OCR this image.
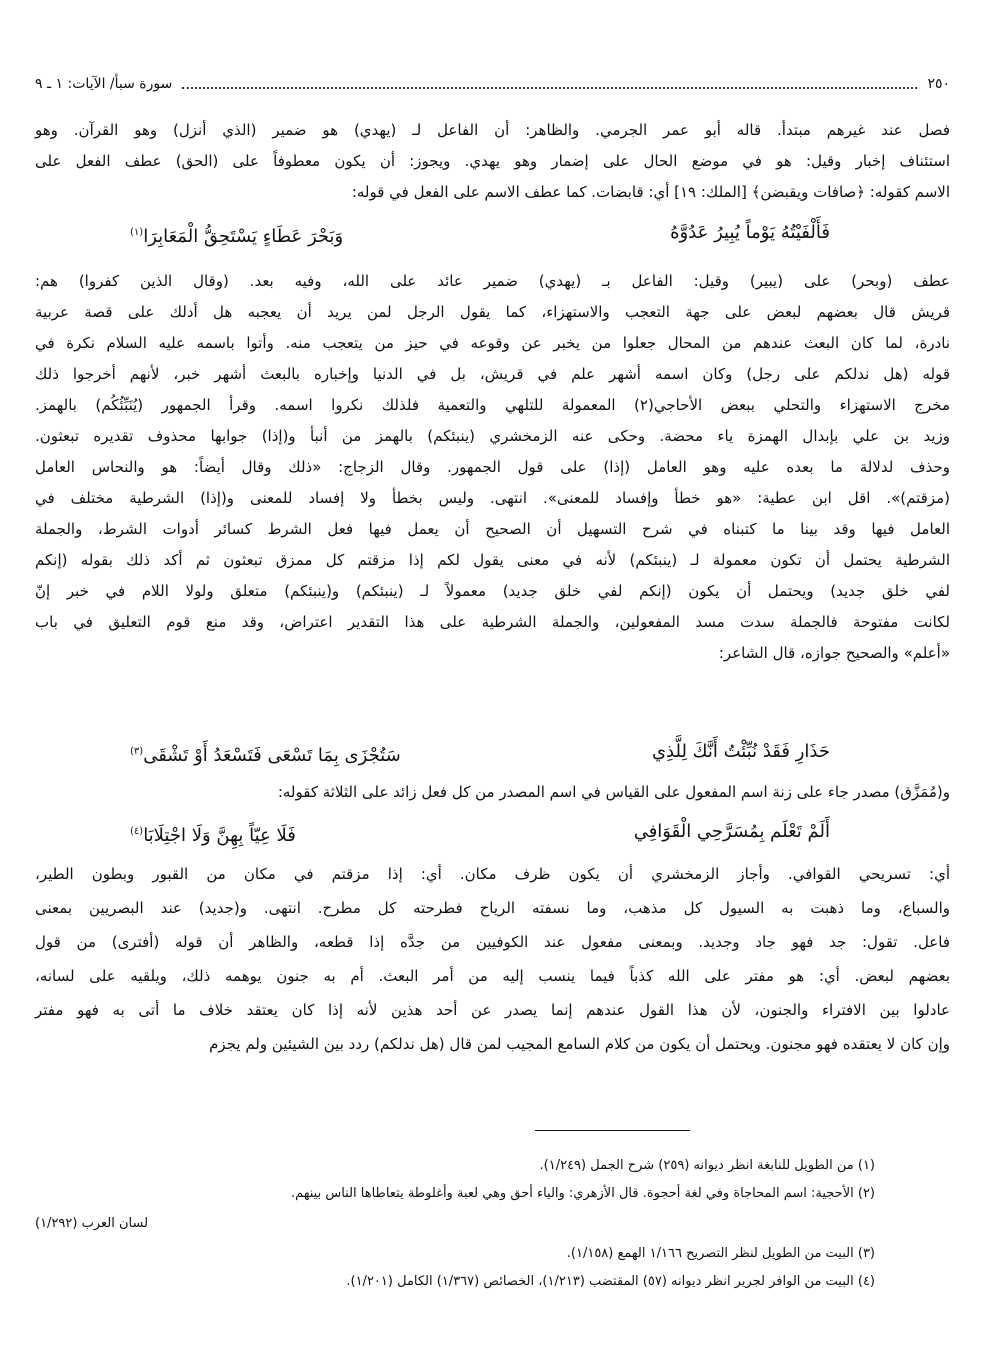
٢٥٠
سورة سبأ/ الآيات: ١ ـ ٩
فصل عند غيرهم مبتدأ. قاله أبو عمر الجرمي. والظاهر: أن الفاعل لـ (يهدي) هو ضمير (الذي أنزل) وهو القرآن. وهو
استئناف إخبار وقيل: هو في موضع الحال على إضمار وهو يهدي. ويجوز: أن يكون معطوفاً على (الحق) عطف الفعل على
الاسم كقوله: ﴿صافات ويقبضن﴾ [الملك: ١٩] أي: قابضات. كما عطف الاسم على الفعل في قوله:
فَأَلْفَيْتُهُ يَوْماً يُبِيرُ عَدُوَّهُ
وَبَحْرَ عَطَاءٍ يَسْتَحِقُّ الْمَعَابِرَا$^{(١)}$
عطف (وبحر) على (يبير) وقيل: الفاعل بـ (يهدي) ضمير عائد على الله، وفيه بعد. (وقال الذين كفروا) هم:
قريش قال بعضهم لبعض على جهة التعجب والاستهزاء، كما يقول الرجل لمن يريد أن يعجبه هل أدلك على قصة عربية
نادرة، لما كان البعث عندهم من المحال جعلوا من يخبر عن وقوعه في حيز من يتعجب منه. وأتوا باسمه عليه السلام نكرة في
قوله (هل ندلكم على رجل) وكان اسمه أشهر علم في قريش، بل في الدنيا وإخباره بالبعث أشهر خبر، لأنهم أخرجوا ذلك
مخرج الاستهزاء والتحلي ببعض الأحاجي(٢) المعمولة للتلهي والتعمية فلذلك نكروا اسمه. وقرأ الجمهور (يُنَبِّئُكُم) بالهمز.
وزيد بن علي بإبدال الهمزة ياء محضة. وحكى عنه الزمخشري (ينبئكم) بالهمز من أنبأ و(إذا) جوابها محذوف تقديره تبعثون.
وحذف لدلالة ما بعده عليه وهو العامل (إذا) على قول الجمهور. وقال الزجاج: «ذلك وقال أيضاً: هو والنحاس العامل
(مزقتم)». اقل ابن عطية: «هو خطأ وإفساد للمعنى». انتهى. وليس بخطأ ولا إفساد للمعنى و(إذا) الشرطية مختلف في
العامل فيها وقد بينا ما كتبناه في شرح التسهيل أن الصحيح أن يعمل فيها فعل الشرط كسائر أدوات الشرط، والجملة
الشرطية يحتمل أن تكون معمولة لـ (ينبئكم) لأنه في معنى يقول لكم إذا مزقتم كل ممزق تبعثون ثم أكد ذلك بقوله (إنكم
لفي خلق جديد) ويحتمل أن يكون (إنكم لفي خلق جديد) معمولاً لـ (ينبئكم) و(ينبئكم) متعلق ولولا اللام في خبر إنّ
لكانت مفتوحة فالجملة سدت مسد المفعولين، والجملة الشرطية على هذا التقدير اعتراض، وقد منع قوم التعليق في باب
«أعلم» والصحيح جوازه، قال الشاعر:
حَذَارِ فَقَدْ نُبِّئْتُ أَنَّكَ لِلَّذِي
سَتُجْزَى بِمَا تَسْعَى فَتَسْعَدُ أَوْ تَشْقَى$^{(٣)}$
و(مُمَزَّق) مصدر جاء على زنة اسم المفعول على القياس في اسم المصدر من كل فعل زائد على الثلاثة كقوله:
أَلَمْ تَعْلَم بِمُسَرَّحِي الْقَوَافِي
فَلَا عِيّاً بِهِنَّ وَلَا اجْتِلَابَا$^{(٤)}$
أي: تسريحي القوافي. وأجاز الزمخشري أن يكون ظرف مكان. أي: إذا مزقتم في مكان من القبور وبطون الطير،
والسباع، وما ذهبت به السيول كل مذهب، وما نسفته الرياح فطرحته كل مطرح. انتهى. و(جديد) عند البصريين بمعنى
فاعل. تقول: جد فهو جاد وجديد. وبمعنى مفعول عند الكوفيين من جدَّه إذا قطعه، والظاهر أن قوله (أفترى) من قول
بعضهم لبعض. أي: هو مفتر على الله كذباً فيما ينسب إليه من أمر البعث. أم به جنون يوهمه ذلك، ويلقيه على لسانه،
عادلوا بين الافتراء والجنون، لأن هذا القول عندهم إنما يصدر عن أحد هذين لأنه إذا كان يعتقد خلاف ما أتى به فهو مفتر
وإن كان لا يعتقده فهو مجنون. ويحتمل أن يكون من كلام السامع المجيب لمن قال (هل ندلكم) ردد بين الشيئين ولم يجزم
(١) من الطويل للنابغة انظر ديوانه (٢٥٩) شرح الجمل (١/٢٤٩).
(٢) الأحجية: اسم المحاجاة وفي لغة أحجوة. قال الأزهري: والياء أحق وهي لعبة وأغلوطة يتعاطاها الناس بينهم.
لسان العرب (١/٢٩٢)
(٣) البيت من الطويل لنظر التصريح ١/١٦٦ الهمع (١/١٥٨).
(٤) البيت من الوافر لجرير انظر ديوانه (٥٧) المقتضب (١/٢١٣)، الخصائص (١/٣٦٧) الكامل (١/٢٠١).
